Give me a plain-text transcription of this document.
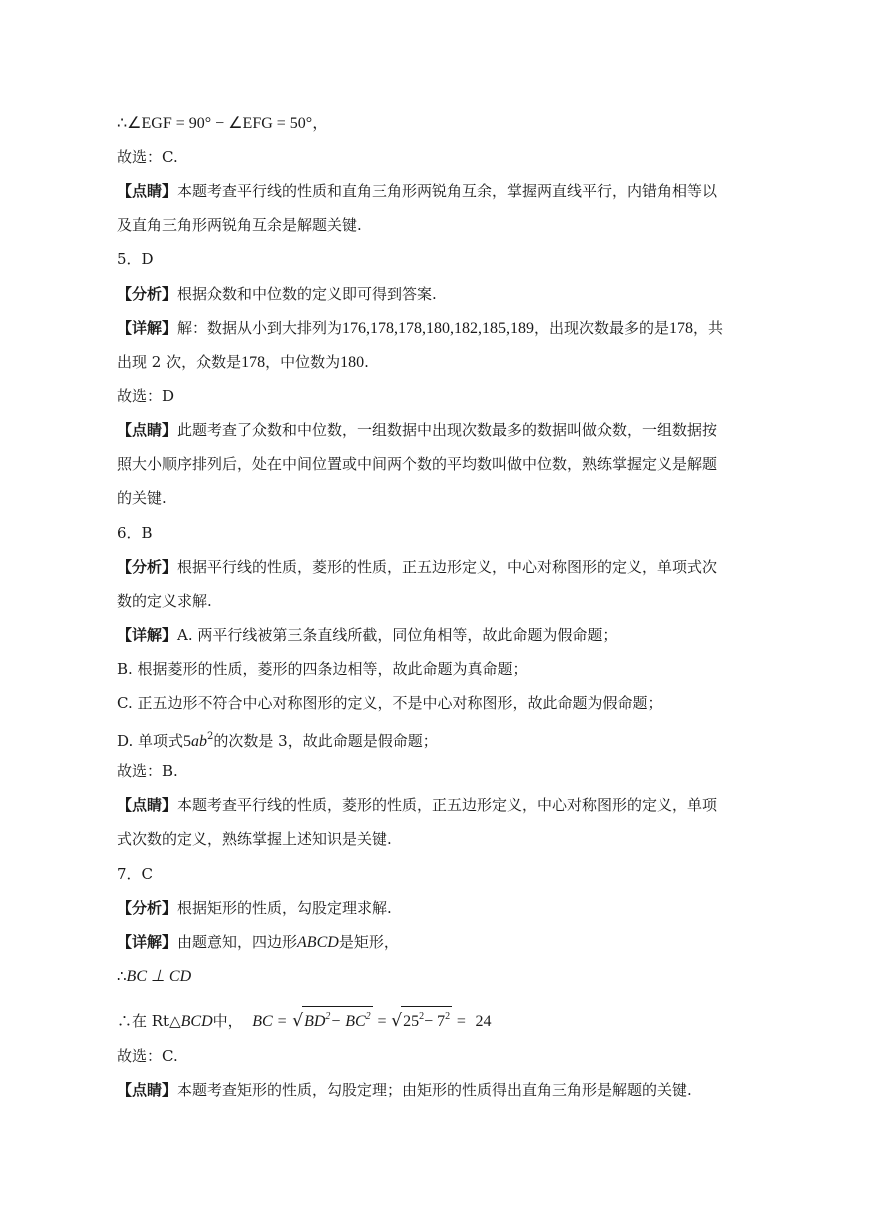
∴∠EGF = 90° − ∠EFG = 50°，
故选：C.
【点睛】本题考查平行线的性质和直角三角形两锐角互余，掌握两直线平行，内错角相等以
及直角三角形两锐角互余是解题关键.
5．D
【分析】根据众数和中位数的定义即可得到答案.
【详解】解：数据从小到大排列为176,178,178,180,182,185,189，出现次数最多的是178，共
出现 2 次，众数是178，中位数为180.
故选：D
【点睛】此题考查了众数和中位数，一组数据中出现次数最多的数据叫做众数，一组数据按
照大小顺序排列后，处在中间位置或中间两个数的平均数叫做中位数，熟练掌握定义是解题
的关键.
6．B
【分析】根据平行线的性质，菱形的性质，正五边形定义，中心对称图形的定义，单项式次
数的定义求解.
【详解】A. 两平行线被第三条直线所截，同位角相等，故此命题为假命题；
B. 根据菱形的性质，菱形的四条边相等，故此命题为真命题；
C. 正五边形不符合中心对称图形的定义，不是中心对称图形，故此命题为假命题；
D. 单项式$5ab^2$的次数是 3，故此命题是假命题；
故选：B.
【点睛】本题考查平行线的性质，菱形的性质，正五边形定义，中心对称图形的定义，单项
式次数的定义，熟练掌握上述知识是关键.
7．C
【分析】根据矩形的性质，勾股定理求解.
【详解】由题意知，四边形ABCD是矩形，
∴BC ⊥ CD
∴在 Rt△BCD中， BC = $√BD^2- BC^2 = √25^2- 7^2 = 24$
故选：C.
【点睛】本题考查矩形的性质，勾股定理；由矩形的性质得出直角三角形是解题的关键.
